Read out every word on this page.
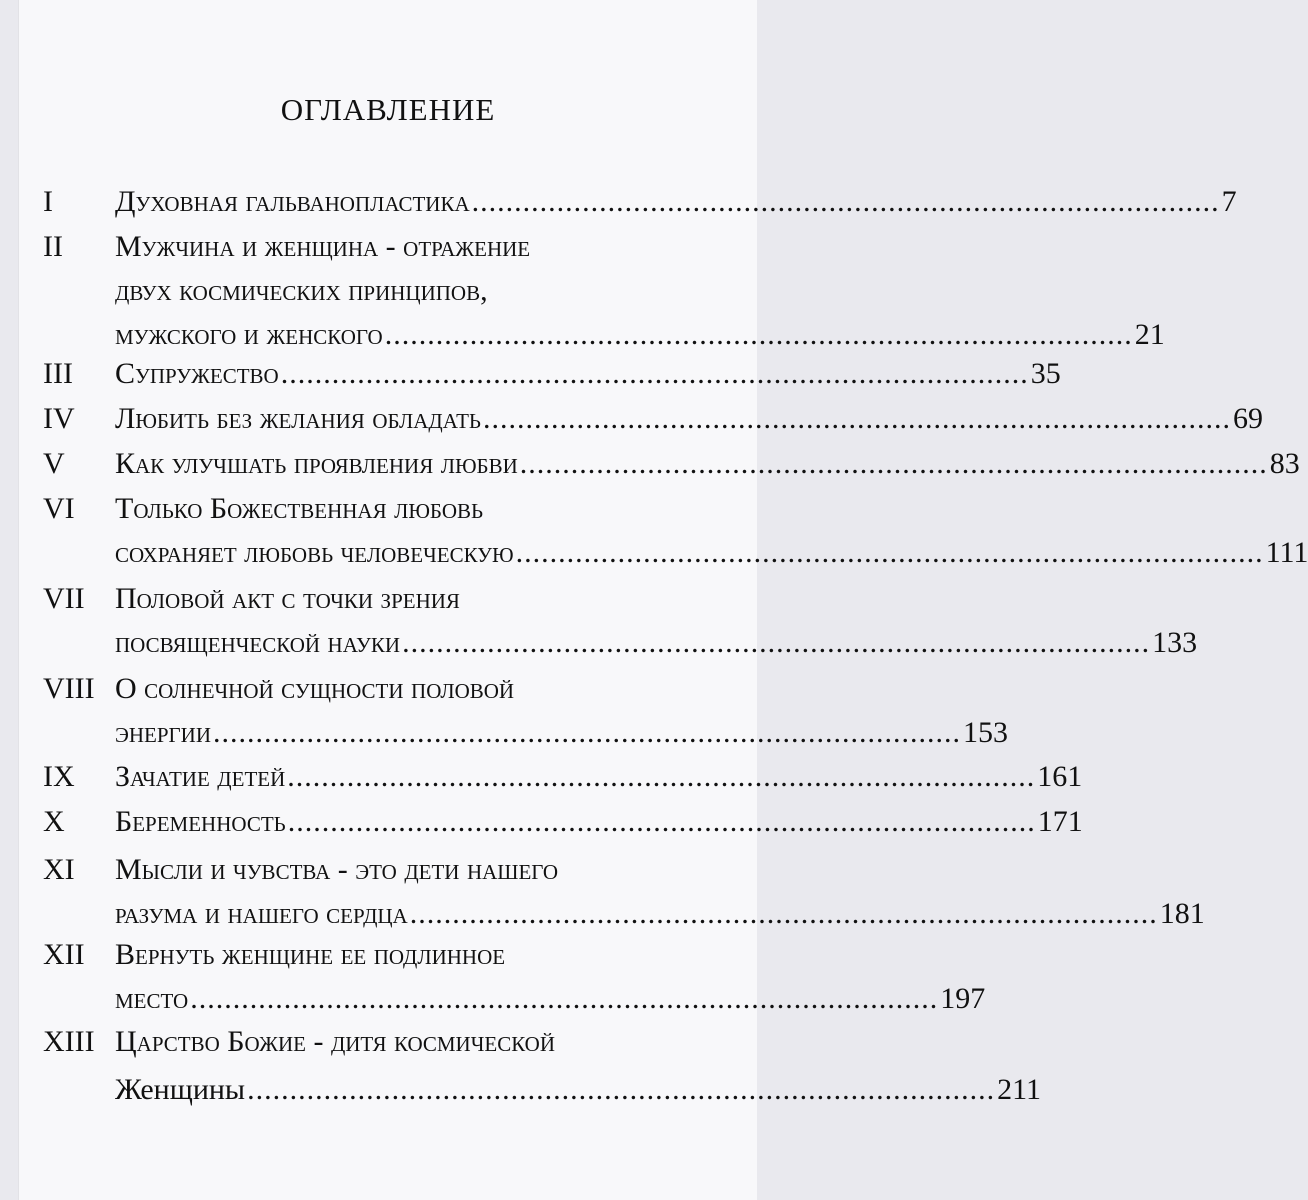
ОГЛАВЛЕНИЕ
I Духовная гальванопластика ........................................................................................ 7
II Мужчина и женщина - отражение
двух космических принципов,
мужского и женского ........................................................................................ 21
III Супружество ........................................................................................ 35
IV Любить без желания обладать ........................................................................................ 69
V Как улучшать проявления любви ........................................................................................ 83
VI Только Божественная любовь
сохраняет любовь человеческую ........................................................................................ 111
VII Половой акт с точки зрения
посвященческой науки ........................................................................................ 133
VIII О солнечной сущности половой
энергии ........................................................................................ 153
IX Зачатие детей ........................................................................................ 161
X Беременность ........................................................................................ 171
XI Мысли и чувства - это дети нашего
разума и нашего сердца ........................................................................................ 181
XII Вернуть женщине ее подлинное
место ........................................................................................ 197
XIII Царство Божие - дитя космической
Женщины ........................................................................................ 211
